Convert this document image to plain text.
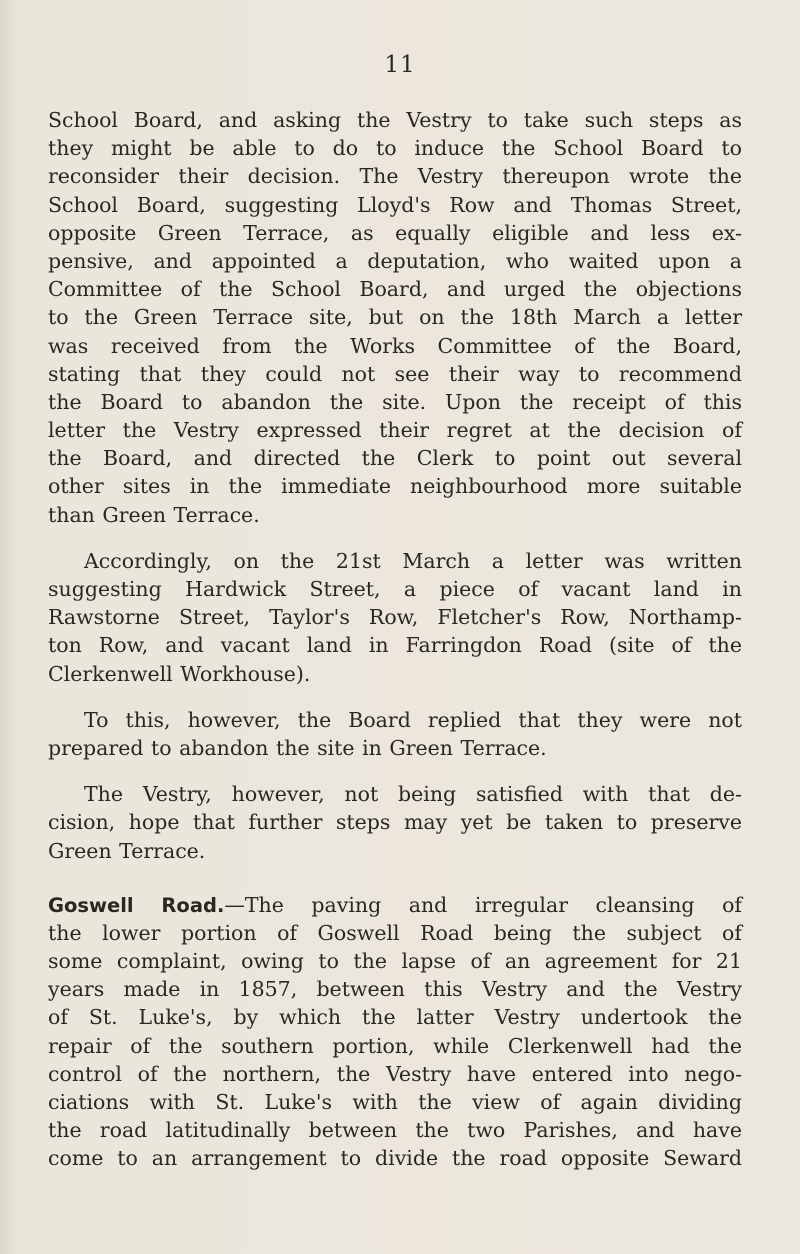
11
School Board, and asking the Vestry to take such steps as
they might be able to do to induce the School Board to
reconsider their decision. The Vestry thereupon wrote the
School Board, suggesting Lloyd's Row and Thomas Street,
opposite Green Terrace, as equally eligible and less ex-
pensive, and appointed a deputation, who waited upon a
Committee of the School Board, and urged the objections
to the Green Terrace site, but on the 18th March a letter
was received from the Works Committee of the Board,
stating that they could not see their way to recommend
the Board to abandon the site. Upon the receipt of this
letter the Vestry expressed their regret at the decision of
the Board, and directed the Clerk to point out several
other sites in the immediate neighbourhood more suitable
than Green Terrace.
Accordingly, on the 21st March a letter was written
suggesting Hardwick Street, a piece of vacant land in
Rawstorne Street, Taylor's Row, Fletcher's Row, Northamp-
ton Row, and vacant land in Farringdon Road (site of the
Clerkenwell Workhouse).
To this, however, the Board replied that they were not
prepared to abandon the site in Green Terrace.
The Vestry, however, not being satisfied with that de-
cision, hope that further steps may yet be taken to preserve
Green Terrace.
Goswell Road.—The paving and irregular cleansing of
the lower portion of Goswell Road being the subject of
some complaint, owing to the lapse of an agreement for 21
years made in 1857, between this Vestry and the Vestry
of St. Luke's, by which the latter Vestry undertook the
repair of the southern portion, while Clerkenwell had the
control of the northern, the Vestry have entered into nego-
ciations with St. Luke's with the view of again dividing
the road latitudinally between the two Parishes, and have
come to an arrangement to divide the road opposite Seward
